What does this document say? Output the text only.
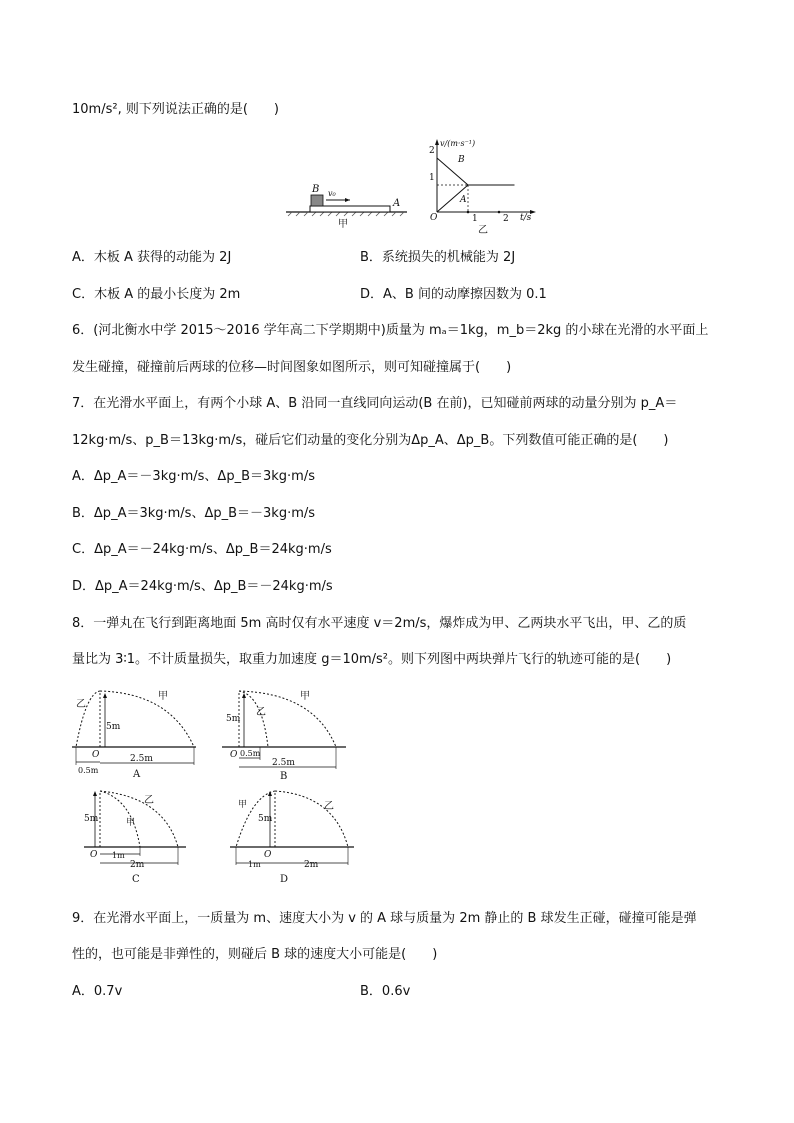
10m/s², 则下列说法正确的是(　　)
B v₀
A
甲
v/(m·s⁻¹)
t/s
O
2
1
1	2
B
A
乙
A．木板 A 获得的动能为 2J	B．系统损失的机械能为 2J
C．木板 A 的最小长度为 2m	D．A、B 间的动摩擦因数为 0.1
6．(河北衡水中学 2015～2016 学年高二下学期期中)质量为 mₐ＝1kg，m_b＝2kg 的小球在光滑的水平面上
发生碰撞，碰撞前后两球的位移—时间图象如图所示，则可知碰撞属于(　　)
7．在光滑水平面上，有两个小球 A、B 沿同一直线同向运动(B 在前)，已知碰前两球的动量分别为 p_A＝
12kg·m/s、p_B＝13kg·m/s，碰后它们动量的变化分别为Δp_A、Δp_B。下列数值可能正确的是(　　)
A．Δp_A＝－3kg·m/s、Δp_B＝3kg·m/s
B．Δp_A＝3kg·m/s、Δp_B＝－3kg·m/s
C．Δp_A＝－24kg·m/s、Δp_B＝24kg·m/s
D．Δp_A＝24kg·m/s、Δp_B＝－24kg·m/s
8．一弹丸在飞行到距离地面 5m 高时仅有水平速度 v＝2m/s，爆炸成为甲、乙两块水平飞出，甲、乙的质
量比为 3∶1。不计质量损失，取重力加速度 g＝10m/s²。则下列图中两块弹片飞行的轨迹可能的是(　　)
乙
甲
5m
O
0.5m
2.5m
A
乙
甲
5m
O 0.5m
2.5m
B
甲
乙
5m
O 1m
2m
C
甲	乙
5m
O
1m	2m
D
9．在光滑水平面上，一质量为 m、速度大小为 v 的 A 球与质量为 2m 静止的 B 球发生正碰，碰撞可能是弹
性的，也可能是非弹性的，则碰后 B 球的速度大小可能是(　　)
A．0.7v	B．0.6v
